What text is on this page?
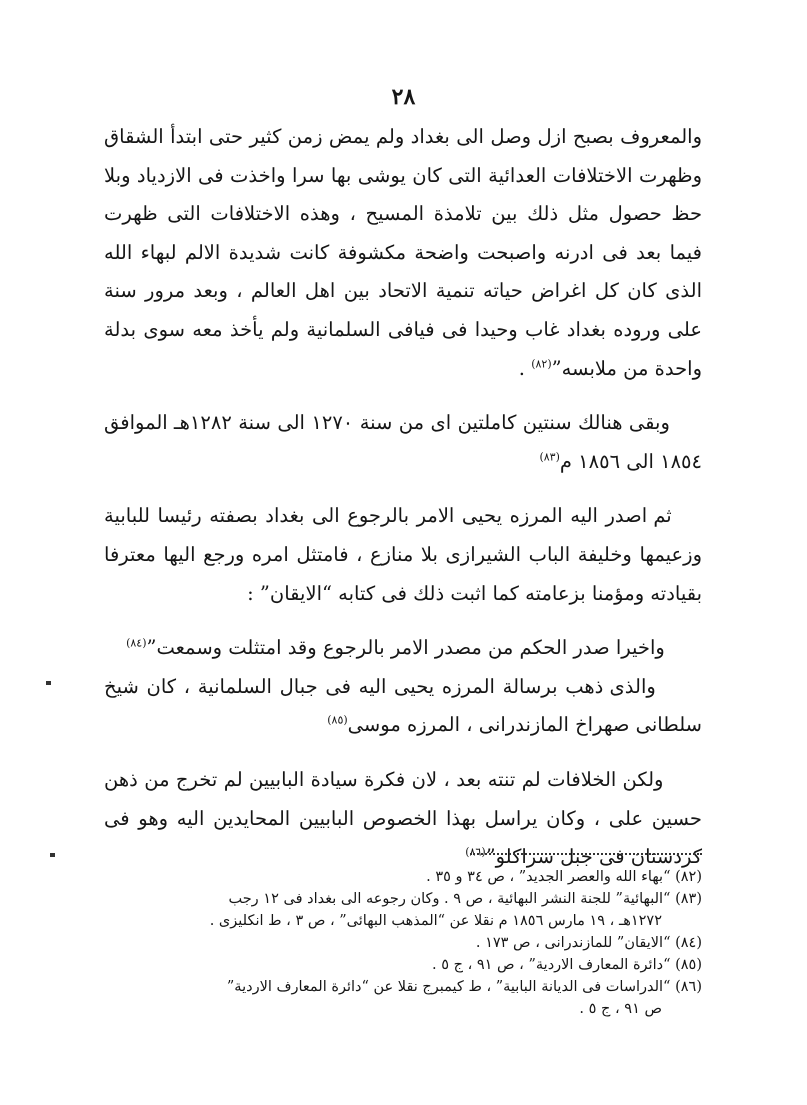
٢٨

والمعروف بصبح ازل وصل الى بغداد ولم يمض زمن كثير حتى ابتدأ الشقاق وظهرت الاختلافات العدائية التى كان يوشى بها سرا واخذت فى الازدياد وبلا حظ حصول مثل ذلك بين تلامذة المسيح ، وهذه الاختلافات التى ظهرت فيما بعد فى ادرنه واصبحت واضحة مكشوفة كانت شديدة الالم لبهاء الله الذى كان كل اغراض حياته تنمية الاتحاد بين اهل العالم ، وبعد مرور سنة على وروده بغداد غاب وحيدا فى فيافى السلمانية ولم يأخذ معه سوى بدلة واحدة من ملابسه”$^{(٨٢)}$ .

وبقى هنالك سنتين كاملتين اى من سنة ١٢٧٠ الى سنة ١٢٨٢هـ الموافق ١٨٥٤ الى ١٨٥٦ م$^{(٨٣)}$

ثم اصدر اليه المرزه يحيى الامر بالرجوع الى بغداد بصفته رئيسا للبابية وزعيمها وخليفة الباب الشيرازى بلا منازع ، فامتثل امره ورجع اليها معترفا بقيادته ومؤمنا بزعامته كما اثبت ذلك فى كتابه “الايقان” :

واخيرا صدر الحكم من مصدر الامر بالرجوع وقد امتثلت وسمعت”$^{(٨٤)}$

والذى ذهب برسالة المرزه يحيى اليه فى جبال السلمانية ، كان شيخ سلطانى صهراخ المازندرانى ، المرزه موسى$^{(٨٥)}$

ولكن الخلافات لم تنته بعد ، لان فكرة سيادة البابيين لم تخرج من ذهن حسين على ، وكان يراسل بهذا الخصوص البابيين المحايدين اليه وهو فى كردستان فى جبل سراكلو”$^{(٨٦)}$

(٨٢) “بهاء الله والعصر الجديد” ، ص ٣٤ و ٣٥ .

(٨٣) “البهائية” للجنة النشر البهائية ، ص ٩ . وكان رجوعه الى بغداد فى ١٢ رجب

١٢٧٢هـ ، ١٩ مارس ١٨٥٦ م نقلا عن “المذهب البهائى” ، ص ٣ ، ط انكليزى .

(٨٤) “الايقان” للمازندرانى ، ص ١٧٣ .

(٨٥) “دائرة المعارف الاردية” ، ص ٩١ ، ج ٥ .

(٨٦) “الدراسات فى الديانة البابية” ، ط كيمبرج نقلا عن “دائرة المعارف الاردية”

ص ٩١ ، ج ٥ .
